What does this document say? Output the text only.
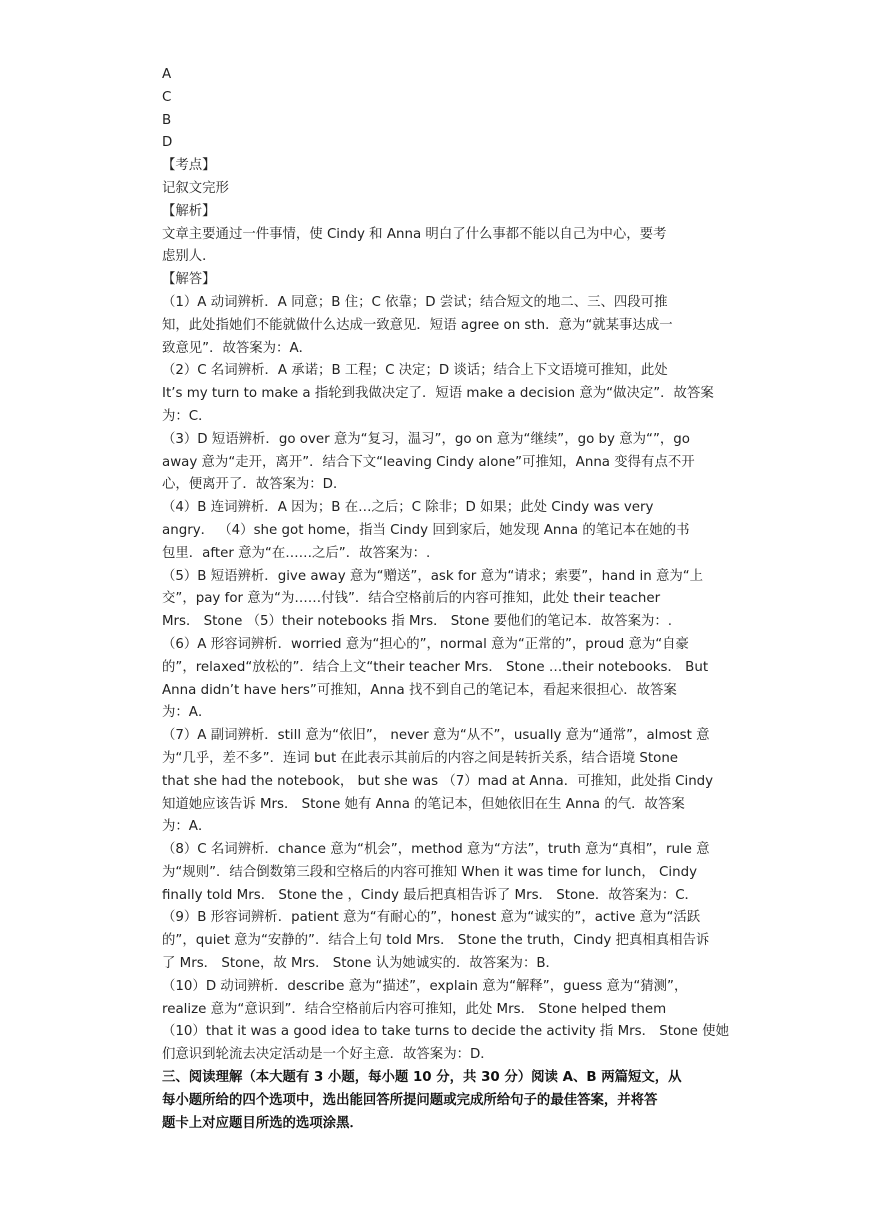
A
C
B
D
【考点】
记叙文完形
【解析】
文章主要通过一件事情，使 Cindy 和 Anna 明白了什么事都不能以自己为中心，要考
虑别人．
【解答】
（1）A 动词辨析．A 同意；B 住；C 依靠；D 尝试；结合短文的地二、三、四段可推
知，此处指她们不能就做什么达成一致意见．短语 agree on sth．意为“就某事达成一
致意见”．故答案为：A．
（2）C 名词辨析．A 承诺；B 工程；C 决定；D 谈话；结合上下文语境可推知，此处
It’s my turn to make a 指轮到我做决定了．短语 make a decision 意为“做决定”．故答案
为：C．
（3）D 短语辨析．go over 意为“复习，温习”，go on 意为“继续”，go by 意为“”，go
away 意为“走开，离开”．结合下文“leaving Cindy alone”可推知，Anna 变得有点不开
心，便离开了．故答案为：D．
（4）B 连词辨析．A 因为；B 在…之后；C 除非；D 如果；此处 Cindy was very
angry． （4）she got home，指当 Cindy 回到家后，她发现 Anna 的笔记本在她的书
包里．after 意为“在……之后”．故答案为：.
（5）B 短语辨析．give away 意为“赠送”，ask for 意为“请求；索要”，hand in 意为“上
交”，pay for 意为“为……付钱”．结合空格前后的内容可推知，此处 their teacher
Mrs． Stone （5）their notebooks 指 Mrs． Stone 要他们的笔记本．故答案为：.
（6）A 形容词辨析．worried 意为“担心的”，normal 意为“正常的”，proud 意为“自豪
的”，relaxed“放松的”．结合上文“their teacher Mrs． Stone …their notebooks． But
Anna didn’t have hers”可推知，Anna 找不到自己的笔记本，看起来很担心．故答案
为：A．
（7）A 副词辨析．still 意为“依旧”， never 意为“从不”，usually 意为“通常”，almost 意
为“几乎，差不多”．连词 but 在此表示其前后的内容之间是转折关系，结合语境 Stone
that she had the notebook， but she was （7）mad at Anna．可推知，此处指 Cindy
知道她应该告诉 Mrs． Stone 她有 Anna 的笔记本，但她依旧在生 Anna 的气．故答案
为：A．
（8）C 名词辨析．chance 意为“机会”，method 意为“方法”，truth 意为“真相”，rule 意
为“规则”．结合倒数第三段和空格后的内容可推知 When it was time for lunch， Cindy
finally told Mrs． Stone the ，Cindy 最后把真相告诉了 Mrs． Stone．故答案为：C．
（9）B 形容词辨析．patient 意为“有耐心的”，honest 意为“诚实的”，active 意为“活跃
的”，quiet 意为“安静的”．结合上句 told Mrs． Stone the truth，Cindy 把真相真相告诉
了 Mrs． Stone，故 Mrs． Stone 认为她诚实的．故答案为：B．
（10）D 动词辨析．describe 意为“描述”，explain 意为“解释”，guess 意为“猜测”，
realize 意为“意识到”．结合空格前后内容可推知，此处 Mrs． Stone helped them
（10）that it was a good idea to take turns to decide the activity 指 Mrs． Stone 使她
们意识到轮流去决定活动是一个好主意．故答案为：D．
三、阅读理解（本大题有 3 小题，每小题 10 分，共 30 分）阅读 A、B 两篇短文，从
每小题所给的四个选项中，选出能回答所提问题或完成所给句子的最佳答案，并将答
题卡上对应题目所选的选项涂黑．
